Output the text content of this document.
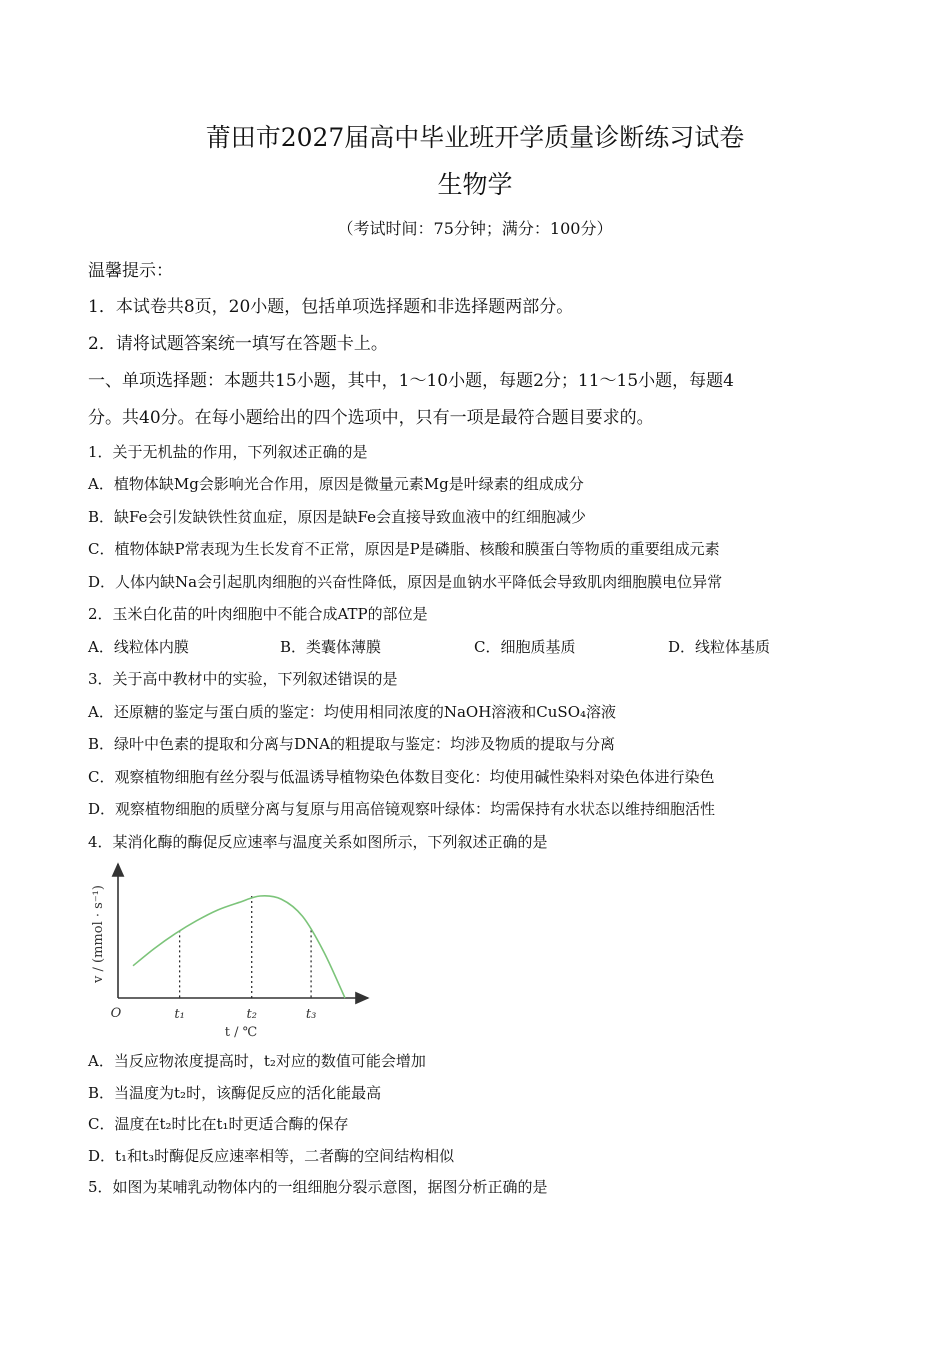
莆田市2027届高中毕业班开学质量诊断练习试卷
生物学
（考试时间：75分钟；满分：100分）
温馨提示：
1．本试卷共8页，20小题，包括单项选择题和非选择题两部分。
2．请将试题答案统一填写在答题卡上。
一、单项选择题：本题共15小题，其中，1～10小题，每题2分；11～15小题，每题4
分。共40分。在每小题给出的四个选项中，只有一项是最符合题目要求的。
1．关于无机盐的作用，下列叙述正确的是
A．植物体缺Mg会影响光合作用，原因是微量元素Mg是叶绿素的组成成分
B．缺Fe会引发缺铁性贫血症，原因是缺Fe会直接导致血液中的红细胞减少
C．植物体缺P常表现为生长发育不正常，原因是P是磷脂、核酸和膜蛋白等物质的重要组成元素
D．人体内缺Na会引起肌肉细胞的兴奋性降低，原因是血钠水平降低会导致肌肉细胞膜电位异常
2．玉米白化苗的叶肉细胞中不能合成ATP的部位是
A．线粒体内膜	B．类囊体薄膜	C．细胞质基质	D．线粒体基质
3．关于高中教材中的实验，下列叙述错误的是
A．还原糖的鉴定与蛋白质的鉴定：均使用相同浓度的NaOH溶液和CuSO₄溶液
B．绿叶中色素的提取和分离与DNA的粗提取与鉴定：均涉及物质的提取与分离
C．观察植物细胞有丝分裂与低温诱导植物染色体数目变化：均使用碱性染料对染色体进行染色
D．观察植物细胞的质壁分离与复原与用高倍镜观察叶绿体：均需保持有水状态以维持细胞活性
4．某消化酶的酶促反应速率与温度关系如图所示，下列叙述正确的是
O	t₁	t₂	t₃
t / ℃
v / (mmol · s⁻¹)
A．当反应物浓度提高时，t₂对应的数值可能会增加
B．当温度为t₂时，该酶促反应的活化能最高
C．温度在t₂时比在t₁时更适合酶的保存
D．t₁和t₃时酶促反应速率相等，二者酶的空间结构相似
5．如图为某哺乳动物体内的一组细胞分裂示意图，据图分析正确的是
